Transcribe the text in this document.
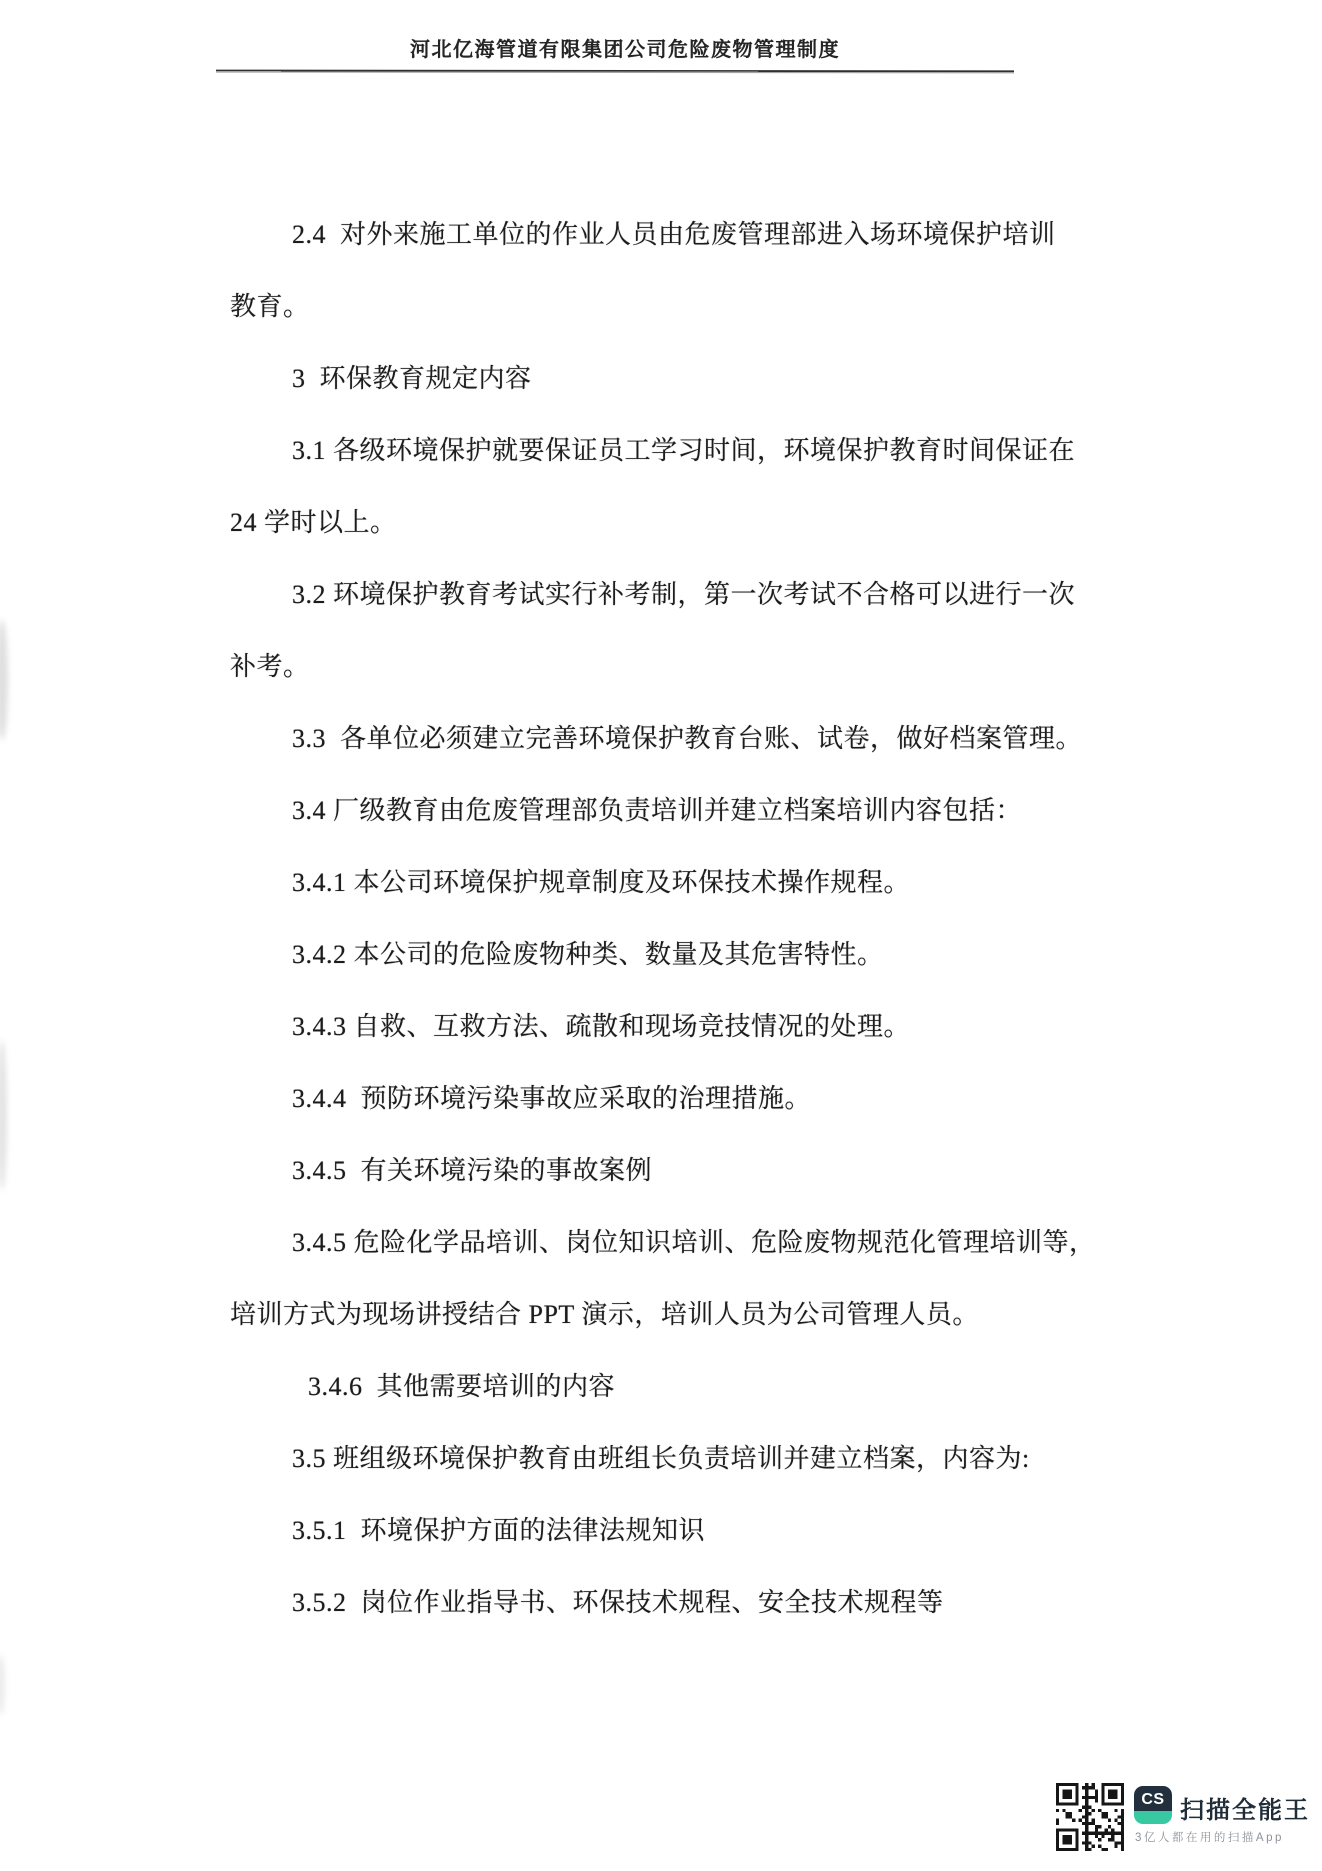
河北亿海管道有限集团公司危险废物管理制度
2.4  对外来施工单位的作业人员由危废管理部进入场环境保护培训
教育。
3  环保教育规定内容
3.1 各级环境保护就要保证员工学习时间，环境保护教育时间保证在
24 学时以上。
3.2 环境保护教育考试实行补考制，第一次考试不合格可以进行一次
补考。
3.3  各单位必须建立完善环境保护教育台账、试卷，做好档案管理。
3.4 厂级教育由危废管理部负责培训并建立档案培训内容包括：
3.4.1 本公司环境保护规章制度及环保技术操作规程。
3.4.2 本公司的危险废物种类、数量及其危害特性。
3.4.3 自救、互救方法、疏散和现场竞技情况的处理。
3.4.4  预防环境污染事故应采取的治理措施。
3.4.5  有关环境污染的事故案例
3.4.5 危险化学品培训、岗位知识培训、危险废物规范化管理培训等，
培训方式为现场讲授结合 PPT 演示，培训人员为公司管理人员。
3.4.6  其他需要培训的内容
3.5 班组级环境保护教育由班组长负责培训并建立档案，内容为:
3.5.1  环境保护方面的法律法规知识
3.5.2  岗位作业指导书、环保技术规程、安全技术规程等
CS 扫描全能王
3亿人都在用的扫描App
